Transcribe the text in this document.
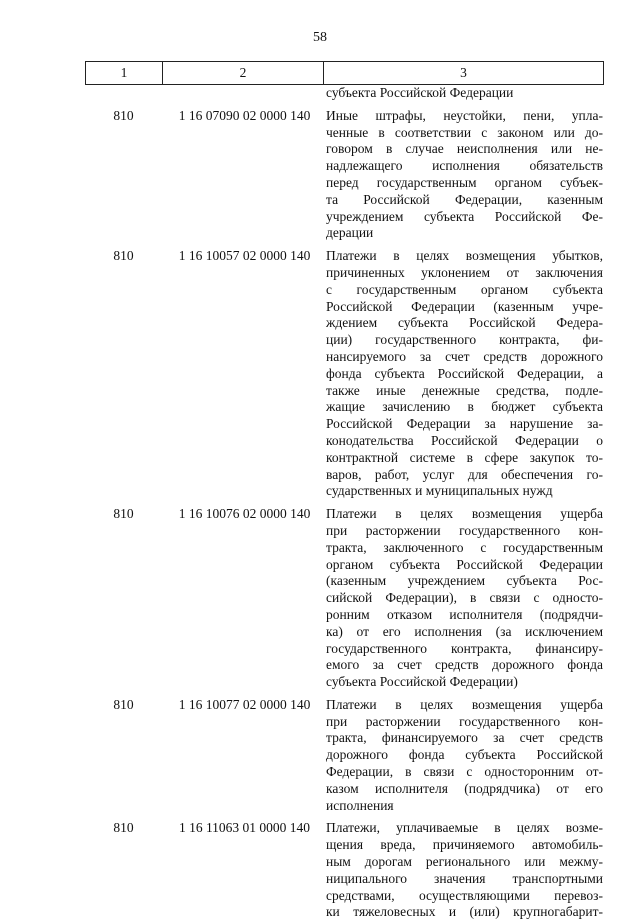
58
1	2	3
субъекта Российской Федерации
810	1 16 07090 02 0000 140	Иные штрафы, неустойки, пени, упла-
ченные в соответствии с законом или до-
говором в случае неисполнения или не-
надлежащего исполнения обязательств
перед государственным органом субъек-
та Российской Федерации, казенным
учреждением субъекта Российской Фе-
дерации
810	1 16 10057 02 0000 140	Платежи в целях возмещения убытков,
причиненных уклонением от заключения
с государственным органом субъекта
Российской Федерации (казенным учре-
ждением субъекта Российской Федера-
ции) государственного контракта, фи-
нансируемого за счет средств дорожного
фонда субъекта Российской Федерации, а
также иные денежные средства, подле-
жащие зачислению в бюджет субъекта
Российской Федерации за нарушение за-
конодательства Российской Федерации о
контрактной системе в сфере закупок то-
варов, работ, услуг для обеспечения го-
сударственных и муниципальных нужд
810	1 16 10076 02 0000 140	Платежи в целях возмещения ущерба
при расторжении государственного кон-
тракта, заключенного с государственным
органом субъекта Российской Федерации
(казенным учреждением субъекта Рос-
сийской Федерации), в связи с односто-
ронним отказом исполнителя (подрядчи-
ка) от его исполнения (за исключением
государственного контракта, финансиру-
емого за счет средств дорожного фонда
субъекта Российской Федерации)
810	1 16 10077 02 0000 140	Платежи в целях возмещения ущерба
при расторжении государственного кон-
тракта, финансируемого за счет средств
дорожного фонда субъекта Российской
Федерации, в связи с односторонним от-
казом исполнителя (подрядчика) от его
исполнения
810	1 16 11063 01 0000 140	Платежи, уплачиваемые в целях возме-
щения вреда, причиняемого автомобиль-
ным дорогам регионального или межму-
ниципального значения транспортными
средствами, осуществляющими перевоз-
ки тяжеловесных и (или) крупногабарит-
